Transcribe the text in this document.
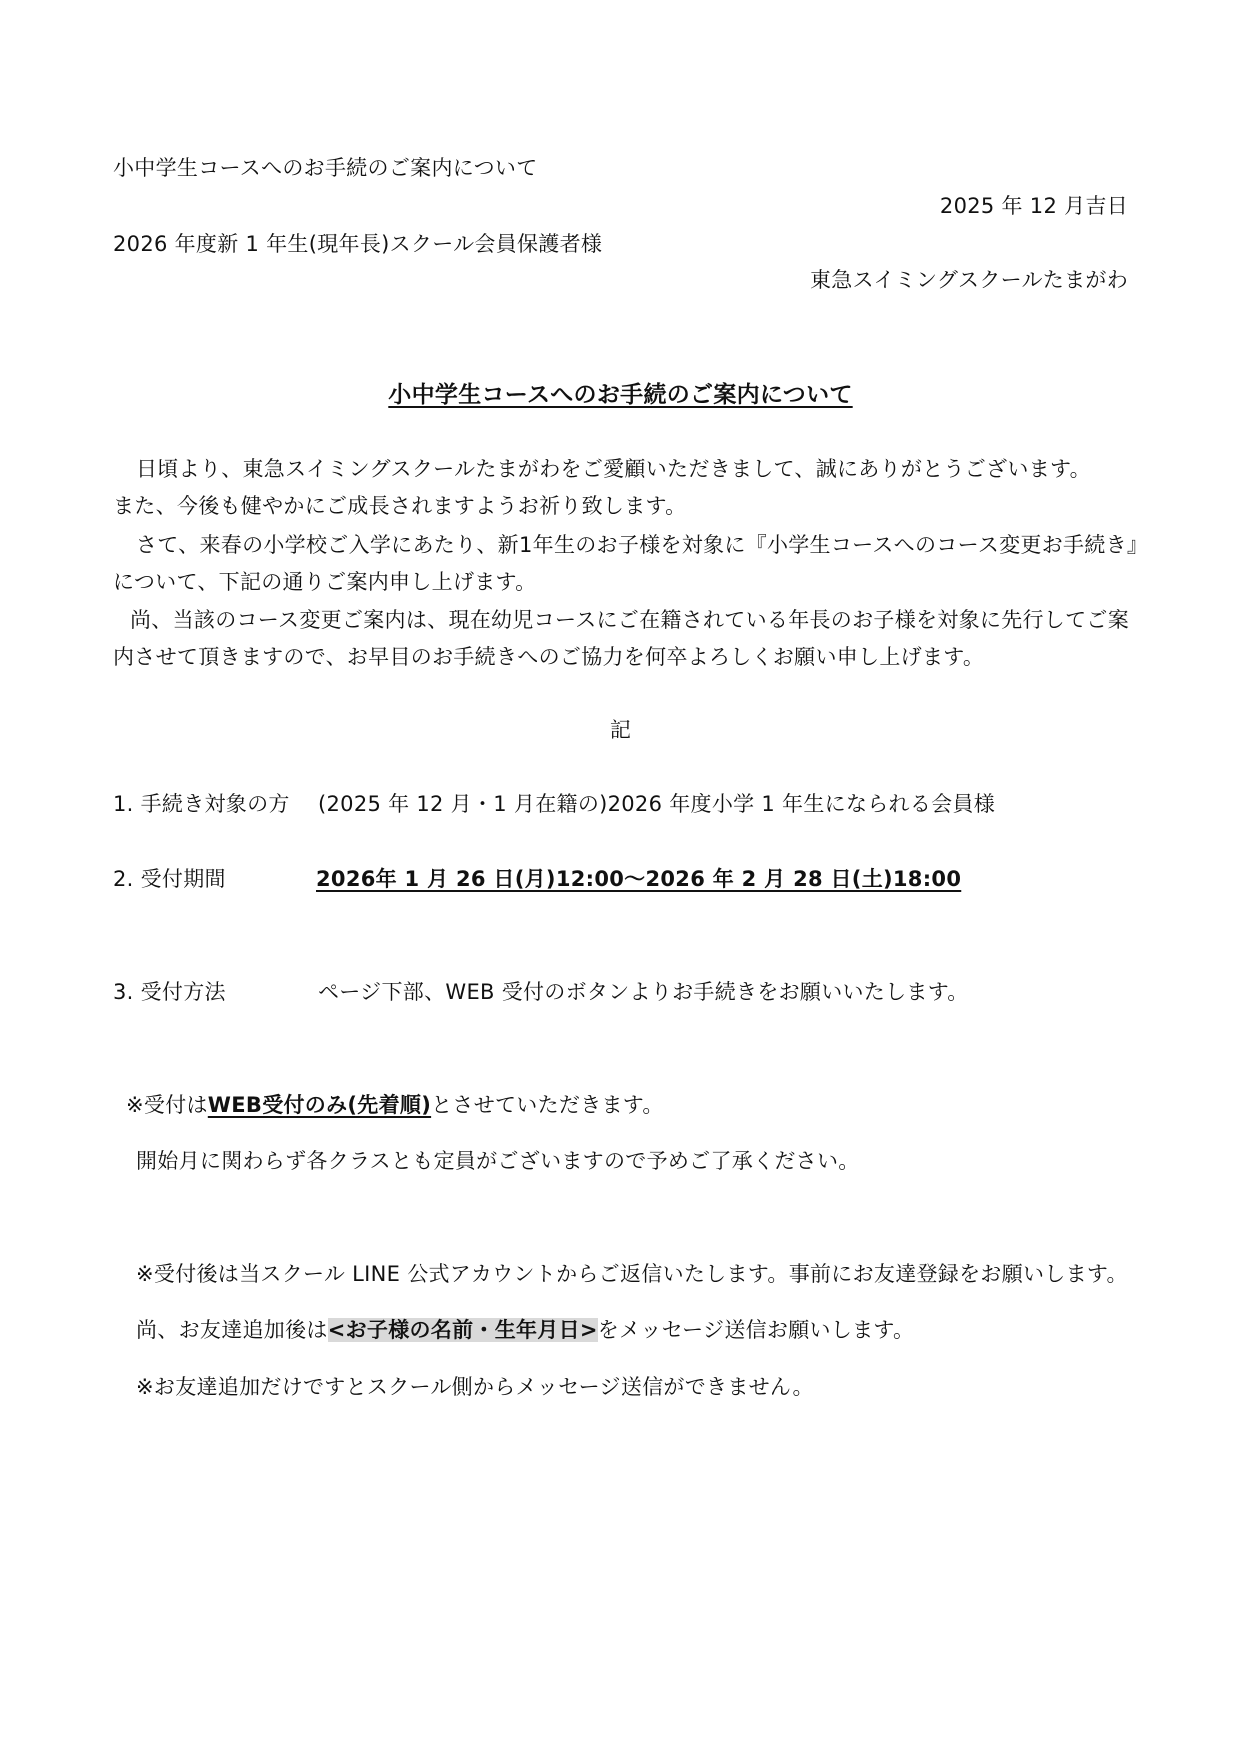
小中学生コースへのお手続のご案内について
2025 年 12 月吉日
2026 年度新 1 年生(現年長)スクール会員保護者様
東急スイミングスクールたまがわ
小中学生コースへのお手続のご案内について
日頃より、東急スイミングスクールたまがわをご愛顧いただきまして、誠にありがとうございます。
また、今後も健やかにご成長されますようお祈り致します。
さて、来春の小学校ご入学にあたり、新1年生のお子様を対象に『小学生コースへのコース変更お手続き』
について、下記の通りご案内申し上げます。
尚、当該のコース変更ご案内は、現在幼児コースにご在籍されている年長のお子様を対象に先行してご案
内させて頂きますので、お早目のお手続きへのご協力を何卒よろしくお願い申し上げます。
記
1. 手続き対象の方	(2025 年 12 月・1 月在籍の)2026 年度小学 1 年生になられる会員様
2. 受付期間	2026年 1 月 26 日(月)12:00～2026 年 2 月 28 日(土)18:00
3. 受付方法	ページ下部、WEB 受付のボタンよりお手続きをお願いいたします。
※受付はWEB受付のみ(先着順)とさせていただきます。
開始月に関わらず各クラスとも定員がございますので予めご了承ください。
※受付後は当スクール LINE 公式アカウントからご返信いたします。事前にお友達登録をお願いします。
尚、お友達追加後は<お子様の名前・生年月日>をメッセージ送信お願いします。
※お友達追加だけですとスクール側からメッセージ送信ができません。
